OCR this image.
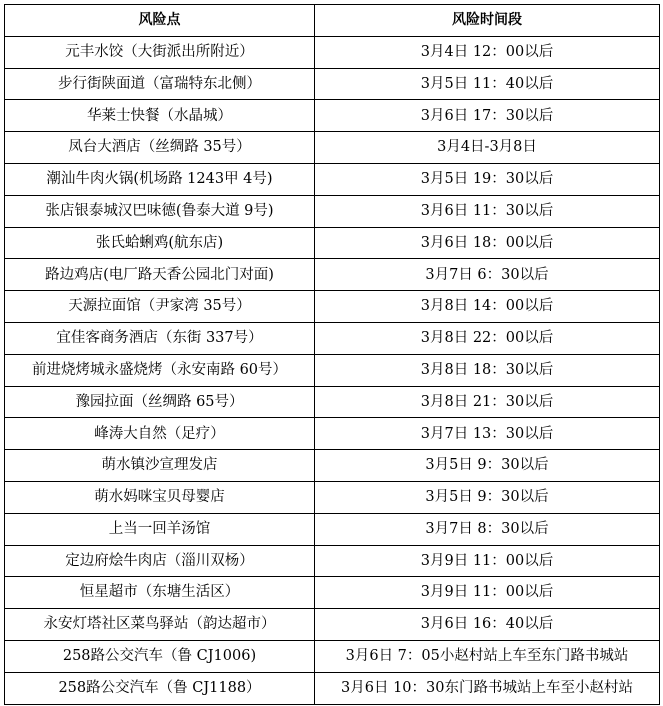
风险点	风险时间段
元丰水饺（大街派出所附近）	3月4日 12：00以后
步行街陕面道（富瑞特东北侧）	3月5日 11：40以后
华莱士快餐（水晶城）	3月6日 17：30以后
凤台大酒店（丝绸路 35号）	3月4日-3月8日
潮汕牛肉火锅(机场路 1243甲 4号)	3月5日 19：30以后
张店银泰城汉巴味德(鲁泰大道 9号)	3月6日 11：30以后
张氏蛤蜊鸡(航东店)	3月6日 18：00以后
路边鸡店(电厂路天香公园北门对面)	3月7日 6：30以后
天源拉面馆（尹家湾 35号）	3月8日 14：00以后
宜佳客商务酒店（东街 337号）	3月8日 22：00以后
前进烧烤城永盛烧烤（永安南路 60号）	3月8日 18：30以后
豫园拉面（丝绸路 65号）	3月8日 21：30以后
峰涛大自然（足疗）	3月7日 13：30以后
萌水镇沙宣理发店	3月5日 9：30以后
萌水妈咪宝贝母婴店	3月5日 9：30以后
上当一回羊汤馆	3月7日 8：30以后
定边府烩牛肉店（淄川双杨）	3月9日 11：00以后
恒星超市（东塘生活区）	3月9日 11：00以后
永安灯塔社区菜鸟驿站（韵达超市）	3月6日 16：40以后
258路公交汽车（鲁 CJ1006)	3月6日 7：05小赵村站上车至东门路书城站
258路公交汽车（鲁 CJ1188）	3月6日 10：30东门路书城站上车至小赵村站
